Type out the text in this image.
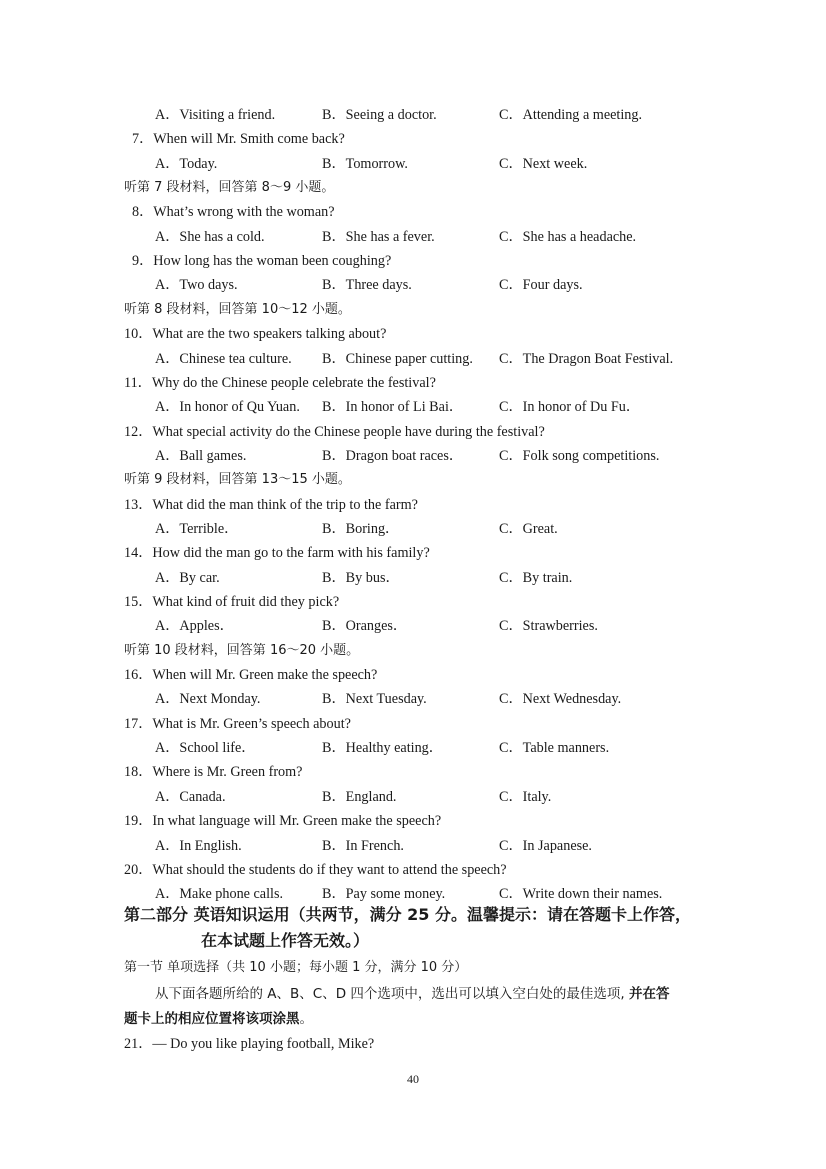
A．Visiting a friend.	B．Seeing a doctor.	C．Attending a meeting.
7．When will Mr. Smith come back?
A．Today.	B．Tomorrow.	C．Next week.
听第 7 段材料，回答第 8～9 小题。
8．What’s wrong with the woman?
A．She has a cold.	B．She has a fever.	C．She has a headache.
9．How long has the woman been coughing?
A．Two days.	B．Three days.	C．Four days.
听第 8 段材料，回答第 10～12 小题。
10．What are the two speakers talking about?
A．Chinese tea culture. B．Chinese paper cutting. C．The Dragon Boat Festival.
11．Why do the Chinese people celebrate the festival?
A．In honor of Qu Yuan. B．In honor of Li Bai．	C．In honor of Du Fu．
12．What special activity do the Chinese people have during the festival?
A．Ball games.	B．Dragon boat races．	C．Folk song competitions.
听第 9 段材料，回答第 13～15 小题。
13．What did the man think of the trip to the farm?
A．Terrible．	B．Boring．	C．Great.
14．How did the man go to the farm with his family?
A．By car.	B．By bus．	C．By train.
15．What kind of fruit did they pick?
A．Apples．	B．Oranges．	C．Strawberries.
听第 10 段材料，回答第 16～20 小题。
16．When will Mr. Green make the speech?
A．Next Monday.	B．Next Tuesday.	C．Next Wednesday.
17．What is Mr. Green’s speech about?
A．School life．	B．Healthy eating．	C．Table manners.
18．Where is Mr. Green from?
A．Canada.	B．England.	C．Italy.
19．In what language will Mr. Green make the speech?
A．In English.	B．In French.	C．In Japanese.
20．What should the students do if they want to attend the speech?
A．Make phone calls.	B．Pay some money.	C．Write down their names.
第二部分 英语知识运用（共两节，满分 25 分。温馨提示：请在答题卡上作答，
在本试题上作答无效。）
第一节 单项选择（共 10 小题；每小题 1 分，满分 10 分）
从下面各题所给的 A、B、C、D 四个选项中，选出可以填入空白处的最佳选项, 并在答
题卡上的相应位置将该项涂黑。
21．— Do you like playing football, Mike?
40
